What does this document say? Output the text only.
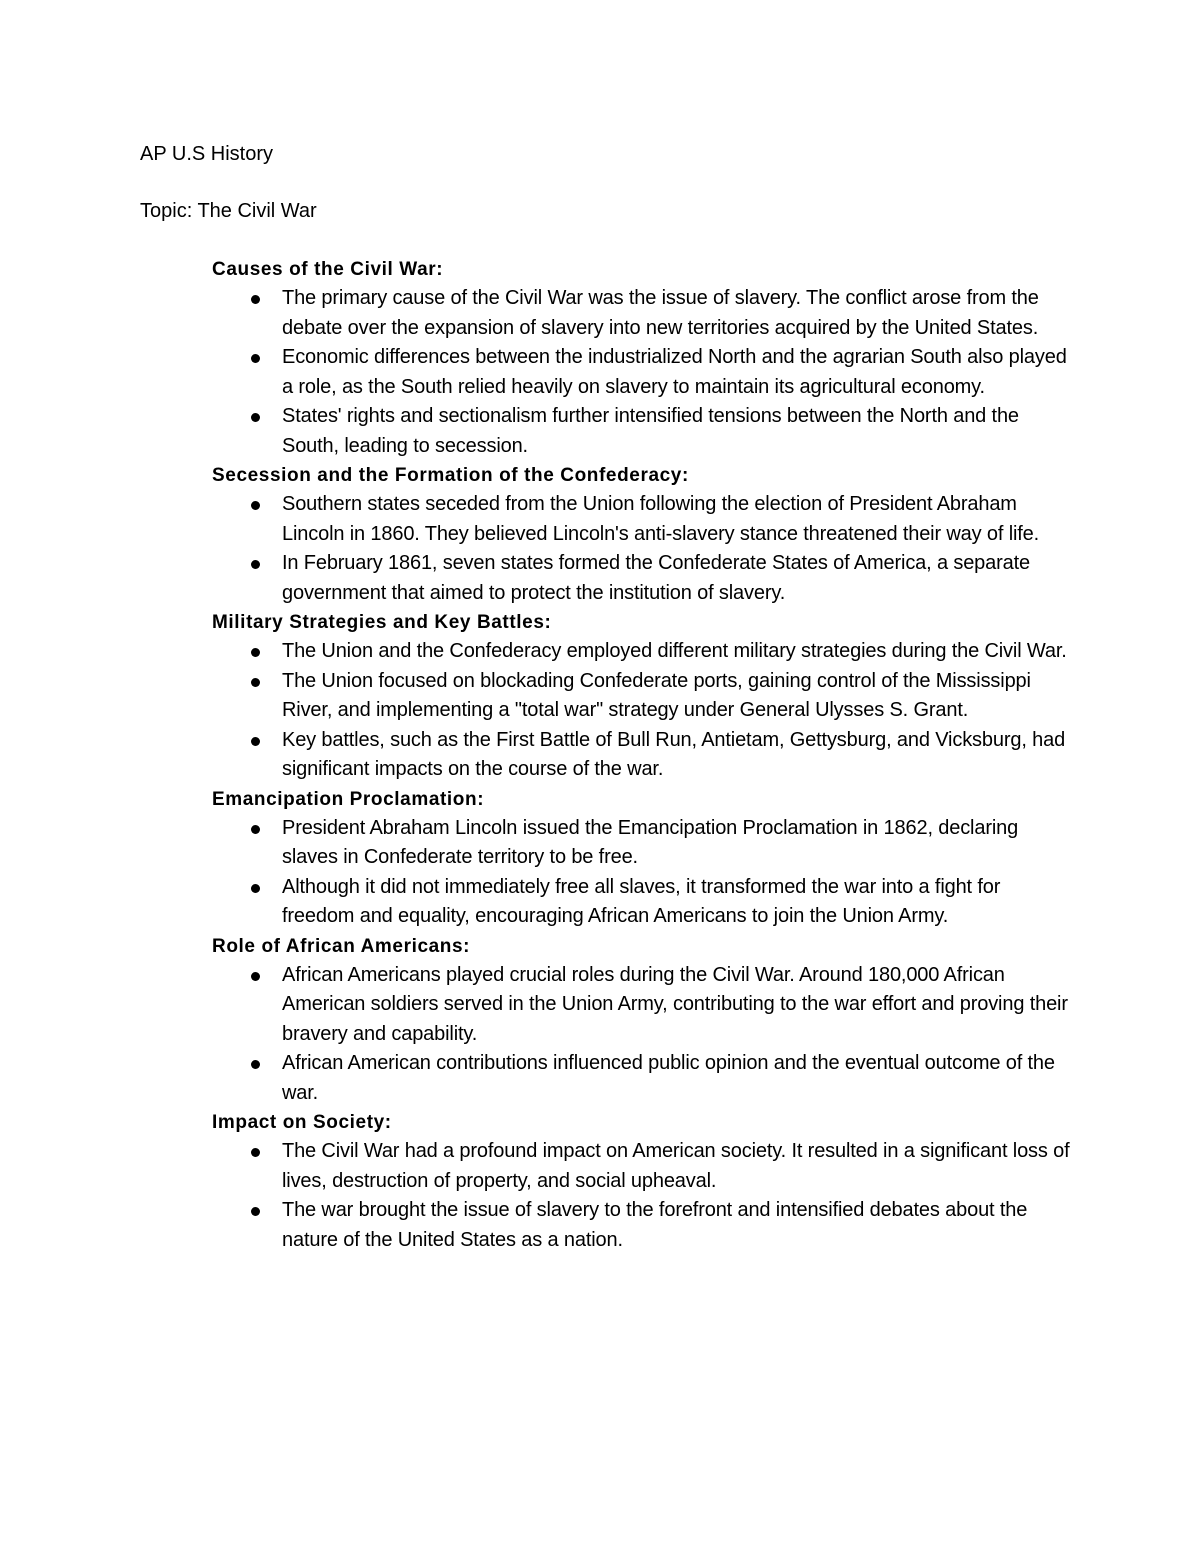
AP U.S History

Topic: The Civil War

Causes of the Civil War:
The primary cause of the Civil War was the issue of slavery. The conflict arose from the debate over the expansion of slavery into new territories acquired by the United States.
Economic differences between the industrialized North and the agrarian South also played a role, as the South relied heavily on slavery to maintain its agricultural economy.
States' rights and sectionalism further intensified tensions between the North and the South, leading to secession.
Secession and the Formation of the Confederacy:
Southern states seceded from the Union following the election of President Abraham Lincoln in 1860. They believed Lincoln's anti-slavery stance threatened their way of life.
In February 1861, seven states formed the Confederate States of America, a separate government that aimed to protect the institution of slavery.
Military Strategies and Key Battles:
The Union and the Confederacy employed different military strategies during the Civil War.
The Union focused on blockading Confederate ports, gaining control of the Mississippi River, and implementing a "total war" strategy under General Ulysses S. Grant.
Key battles, such as the First Battle of Bull Run, Antietam, Gettysburg, and Vicksburg, had significant impacts on the course of the war.
Emancipation Proclamation:
President Abraham Lincoln issued the Emancipation Proclamation in 1862, declaring slaves in Confederate territory to be free.
Although it did not immediately free all slaves, it transformed the war into a fight for freedom and equality, encouraging African Americans to join the Union Army.
Role of African Americans:
African Americans played crucial roles during the Civil War. Around 180,000 African American soldiers served in the Union Army, contributing to the war effort and proving their bravery and capability.
African American contributions influenced public opinion and the eventual outcome of the war.
Impact on Society:
The Civil War had a profound impact on American society. It resulted in a significant loss of lives, destruction of property, and social upheaval.
The war brought the issue of slavery to the forefront and intensified debates about the nature of the United States as a nation.
